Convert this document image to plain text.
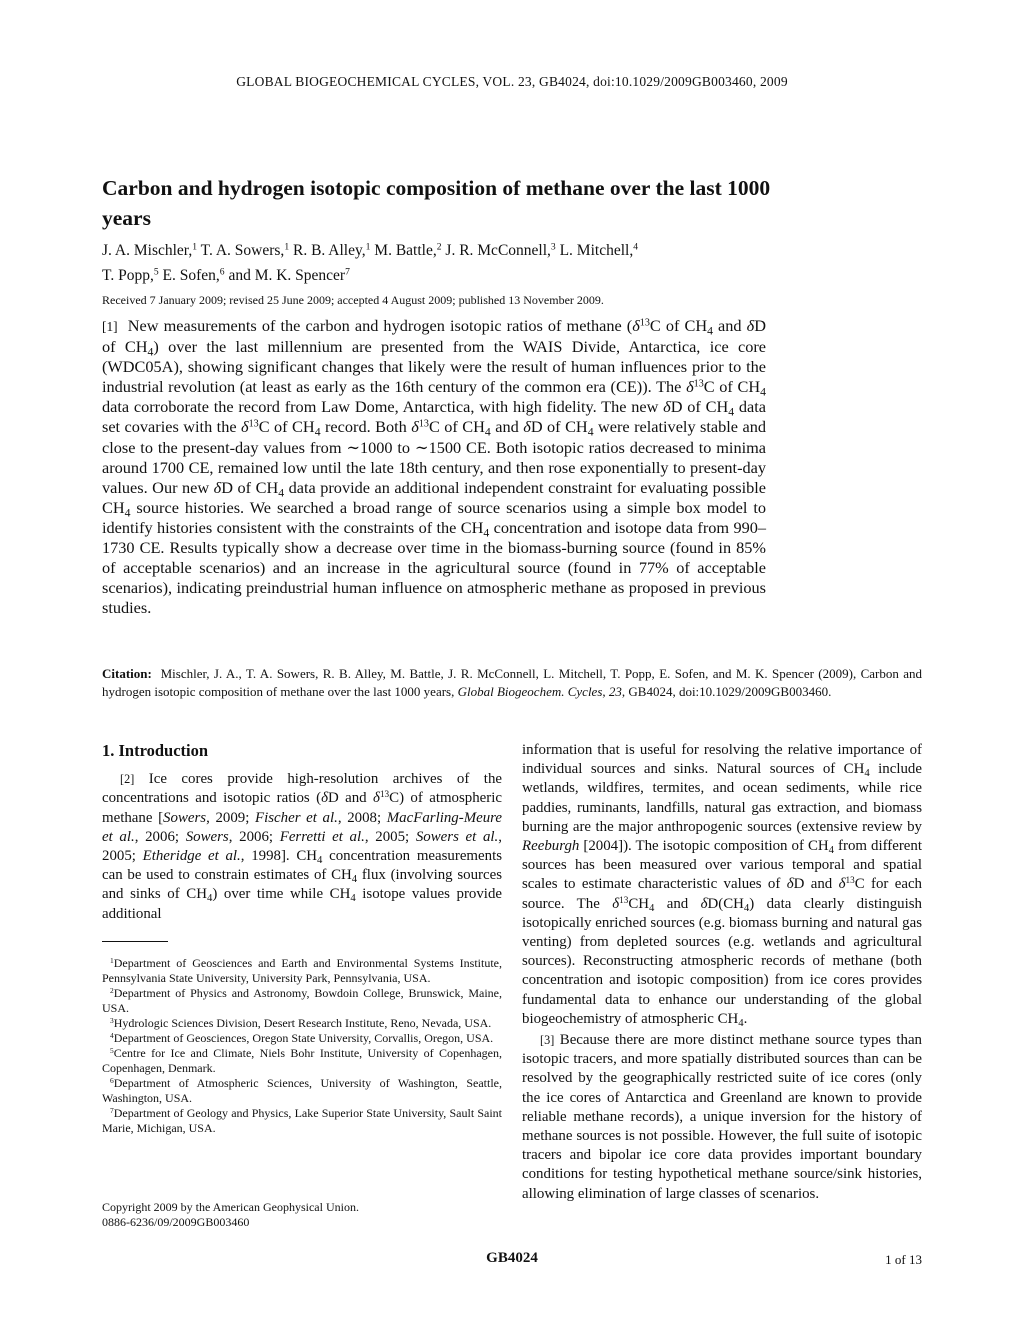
GLOBAL BIOGEOCHEMICAL CYCLES, VOL. 23, GB4024, doi:10.1029/2009GB003460, 2009
Carbon and hydrogen isotopic composition of methane over the last 1000 years
J. A. Mischler,$^1$ T. A. Sowers,$^1$ R. B. Alley,$^1$ M. Battle,$^2$ J. R. McConnell,$^3$ L. Mitchell,$^4$
T. Popp,$^5$ E. Sofen,$^6$ and M. K. Spencer$^7$
Received 7 January 2009; revised 25 June 2009; accepted 4 August 2009; published 13 November 2009.

[1] New measurements of the carbon and hydrogen isotopic ratios of methane ($\delta^{13}C$ of $CH_4$ and δD of $CH_4$) over the last millennium are presented from the WAIS Divide, Antarctica, ice core (WDC05A), showing significant changes that likely were the result of human influences prior to the industrial revolution (at least as early as the 16th century of the common era (CE)). The $\delta^{13}C$ of $CH_4$ data corroborate the record from Law Dome, Antarctica, with high fidelity. The new δD of $CH_4$ data set covaries with the $\delta^{13}C$ of $CH_4$ record. Both $\delta^{13}C$ of $CH_4$ and δD of $CH_4$ were relatively stable and close to the present-day values from ∼1000 to ∼1500 CE. Both isotopic ratios decreased to minima around 1700 CE, remained low until the late 18th century, and then rose exponentially to present-day values. Our new δD of $CH_4$ data provide an additional independent constraint for evaluating possible $CH_4$ source histories. We searched a broad range of source scenarios using a simple box model to identify histories consistent with the constraints of the $CH_4$ concentration and isotope data from 990–1730 CE. Results typically show a decrease over time in the biomass-burning source (found in 85% of acceptable scenarios) and an increase in the agricultural source (found in 77% of acceptable scenarios), indicating preindustrial human influence on atmospheric methane as proposed in previous studies.

Citation: Mischler, J. A., T. A. Sowers, R. B. Alley, M. Battle, J. R. McConnell, L. Mitchell, T. Popp, E. Sofen, and M. K. Spencer (2009), Carbon and hydrogen isotopic composition of methane over the last 1000 years, Global Biogeochem. Cycles, 23, GB4024, doi:10.1029/2009GB003460.

1. Introduction

[2] Ice cores provide high-resolution archives of the concentrations and isotopic ratios (δD and $\delta^{13}C$) of atmospheric methane [Sowers, 2009; Fischer et al., 2008; MacFarling-Meure et al., 2006; Sowers, 2006; Ferretti et al., 2005; Sowers et al., 2005; Etheridge et al., 1998]. $CH_4$ concentration measurements can be used to constrain estimates of $CH_4$ flux (involving sources and sinks of $CH_4$) over time while $CH_4$ isotope values provide additional

information that is useful for resolving the relative importance of individual sources and sinks. Natural sources of $CH_4$ include wetlands, wildfires, termites, and ocean sediments, while rice paddies, ruminants, landfills, natural gas extraction, and biomass burning are the major anthropogenic sources (extensive review by Reeburgh [2004]). The isotopic composition of $CH_4$ from different sources has been measured over various temporal and spatial scales to estimate characteristic values of δD and $\delta^{13}C$ for each source. The $\delta^{13}CH_4$ and $\delta D(CH_4)$ data clearly distinguish isotopically enriched sources (e.g. biomass burning and natural gas venting) from depleted sources (e.g. wetlands and agricultural sources). Reconstructing atmospheric records of methane (both concentration and isotopic composition) from ice cores provides fundamental data to enhance our understanding of the global biogeochemistry of atmospheric $CH_4$.

[3] Because there are more distinct methane source types than isotopic tracers, and more spatially distributed sources than can be resolved by the geographically restricted suite of ice cores (only the ice cores of Antarctica and Greenland are known to provide reliable methane records), a unique inversion for the history of methane sources is not possible. However, the full suite of isotopic tracers and bipolar ice core data provides important boundary conditions for testing hypothetical methane source/sink histories, allowing elimination of large classes of scenarios.

$^1$Department of Geosciences and Earth and Environmental Systems Institute, Pennsylvania State University, University Park, Pennsylvania, USA.
$^2$Department of Physics and Astronomy, Bowdoin College, Brunswick, Maine, USA.
$^3$Hydrologic Sciences Division, Desert Research Institute, Reno, Nevada, USA.
$^4$Department of Geosciences, Oregon State University, Corvallis, Oregon, USA.
$^5$Centre for Ice and Climate, Niels Bohr Institute, University of Copenhagen, Copenhagen, Denmark.
$^6$Department of Atmospheric Sciences, University of Washington, Seattle, Washington, USA.
$^7$Department of Geology and Physics, Lake Superior State University, Sault Saint Marie, Michigan, USA.
Copyright 2009 by the American Geophysical Union.
0886-6236/09/2009GB003460
GB4024	1 of 13
